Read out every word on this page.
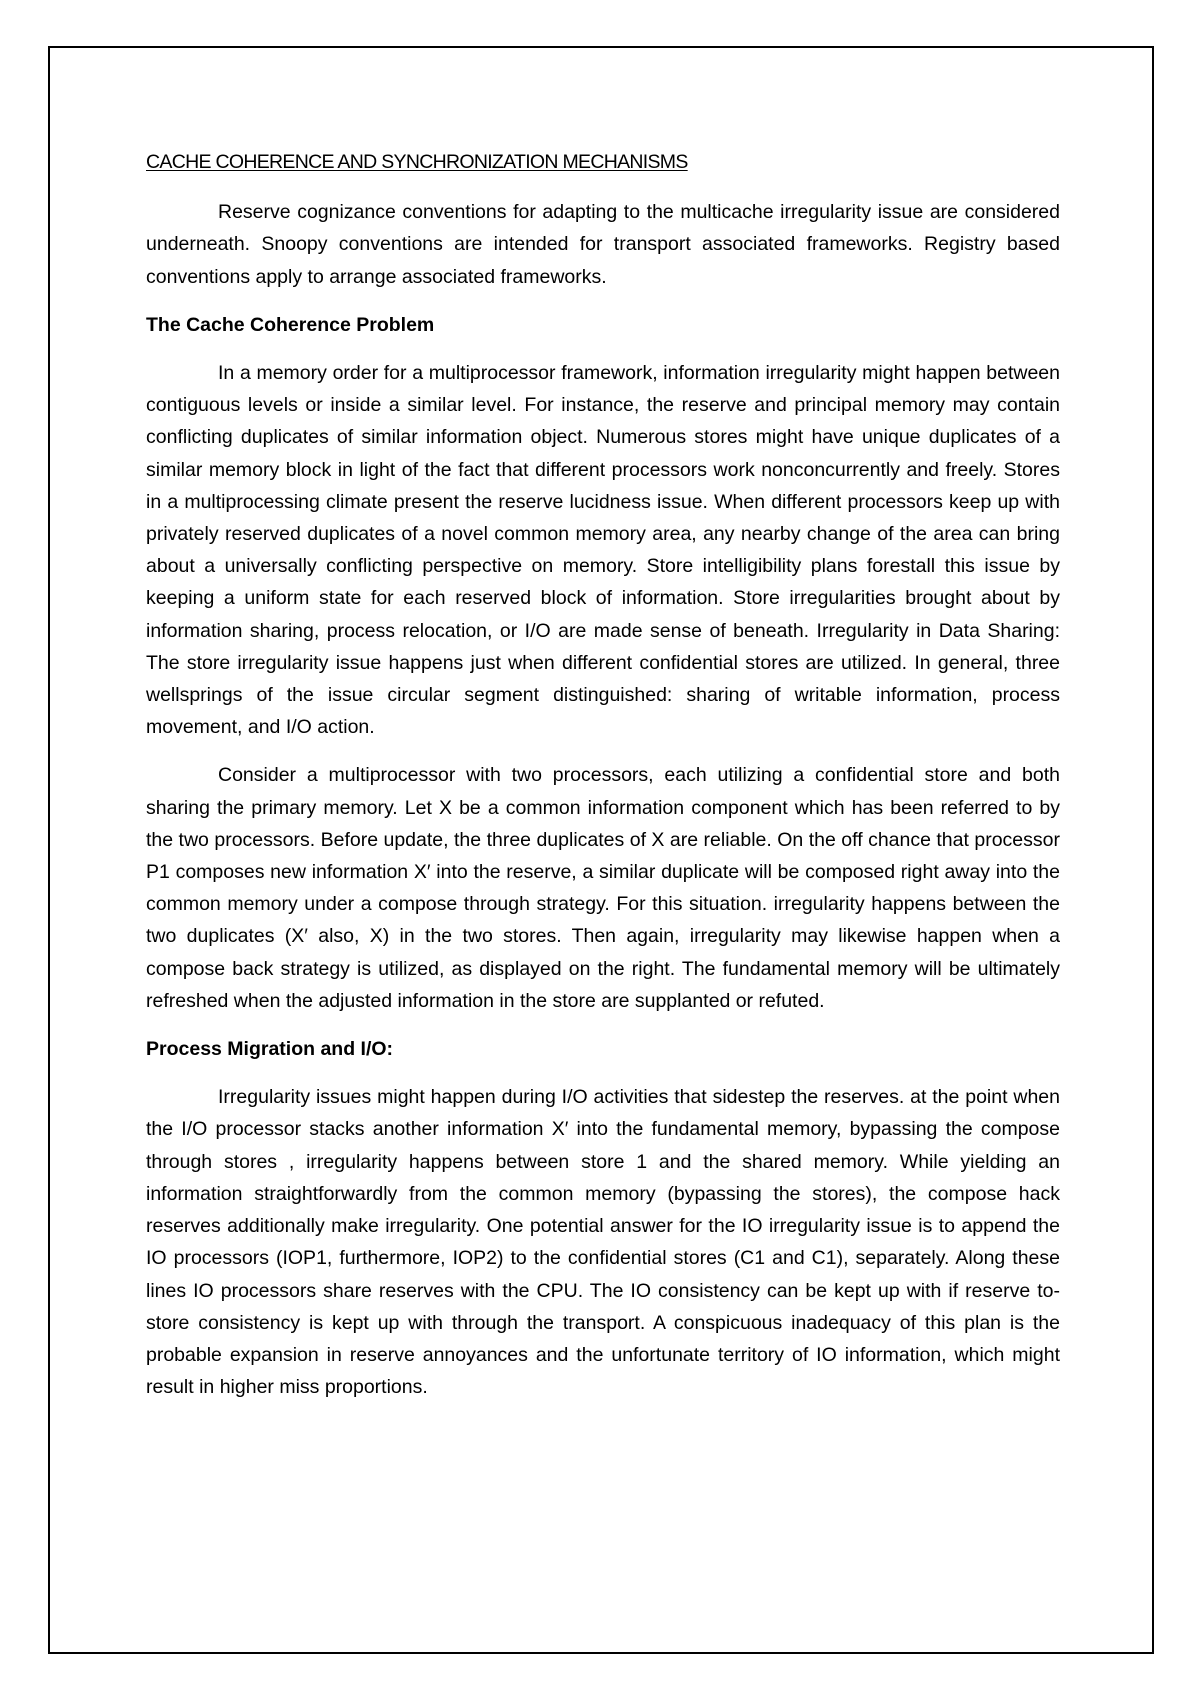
CACHE COHERENCE AND SYNCHRONIZATION MECHANISMS

Reserve cognizance conventions for adapting to the multicache irregularity issue are considered underneath. Snoopy conventions are intended for transport associated frameworks. Registry based conventions apply to arrange associated frameworks.

The Cache Coherence Problem

In a memory order for a multiprocessor framework, information irregularity might happen between contiguous levels or inside a similar level. For instance, the reserve and principal memory may contain conflicting duplicates of similar information object. Numerous stores might have unique duplicates of a similar memory block in light of the fact that different processors work nonconcurrently and freely. Stores in a multiprocessing climate present the reserve lucidness issue. When different processors keep up with privately reserved duplicates of a novel common memory area, any nearby change of the area can bring about a universally conflicting perspective on memory. Store intelligibility plans forestall this issue by keeping a uniform state for each reserved block of information. Store irregularities brought about by information sharing, process relocation, or I/O are made sense of beneath. Irregularity in Data Sharing: The store irregularity issue happens just when different confidential stores are utilized. In general, three wellsprings of the issue circular segment distinguished: sharing of writable information, process movement, and I/O action.

Consider a multiprocessor with two processors, each utilizing a confidential store and both sharing the primary memory. Let X be a common information component which has been referred to by the two processors. Before update, the three duplicates of X are reliable. On the off chance that processor P1 composes new information X′ into the reserve, a similar duplicate will be composed right away into the common memory under a compose through strategy. For this situation. irregularity happens between the two duplicates (X′ also, X) in the two stores. Then again, irregularity may likewise happen when a compose back strategy is utilized, as displayed on the right. The fundamental memory will be ultimately refreshed when the adjusted information in the store are supplanted or refuted.

Process Migration and I/O:

Irregularity issues might happen during I/O activities that sidestep the reserves. at the point when the I/O processor stacks another information X′ into the fundamental memory, bypassing the compose through stores , irregularity happens between store 1 and the shared memory. While yielding an information straightforwardly from the common memory (bypassing the stores), the compose hack reserves additionally make irregularity. One potential answer for the IO irregularity issue is to append the IO processors (IOP1, furthermore, IOP2) to the confidential stores (C1 and C1), separately. Along these lines IO processors share reserves with the CPU. The IO consistency can be kept up with if reserve to-store consistency is kept up with through the transport. A conspicuous inadequacy of this plan is the probable expansion in reserve annoyances and the unfortunate territory of IO information, which might result in higher miss proportions.
